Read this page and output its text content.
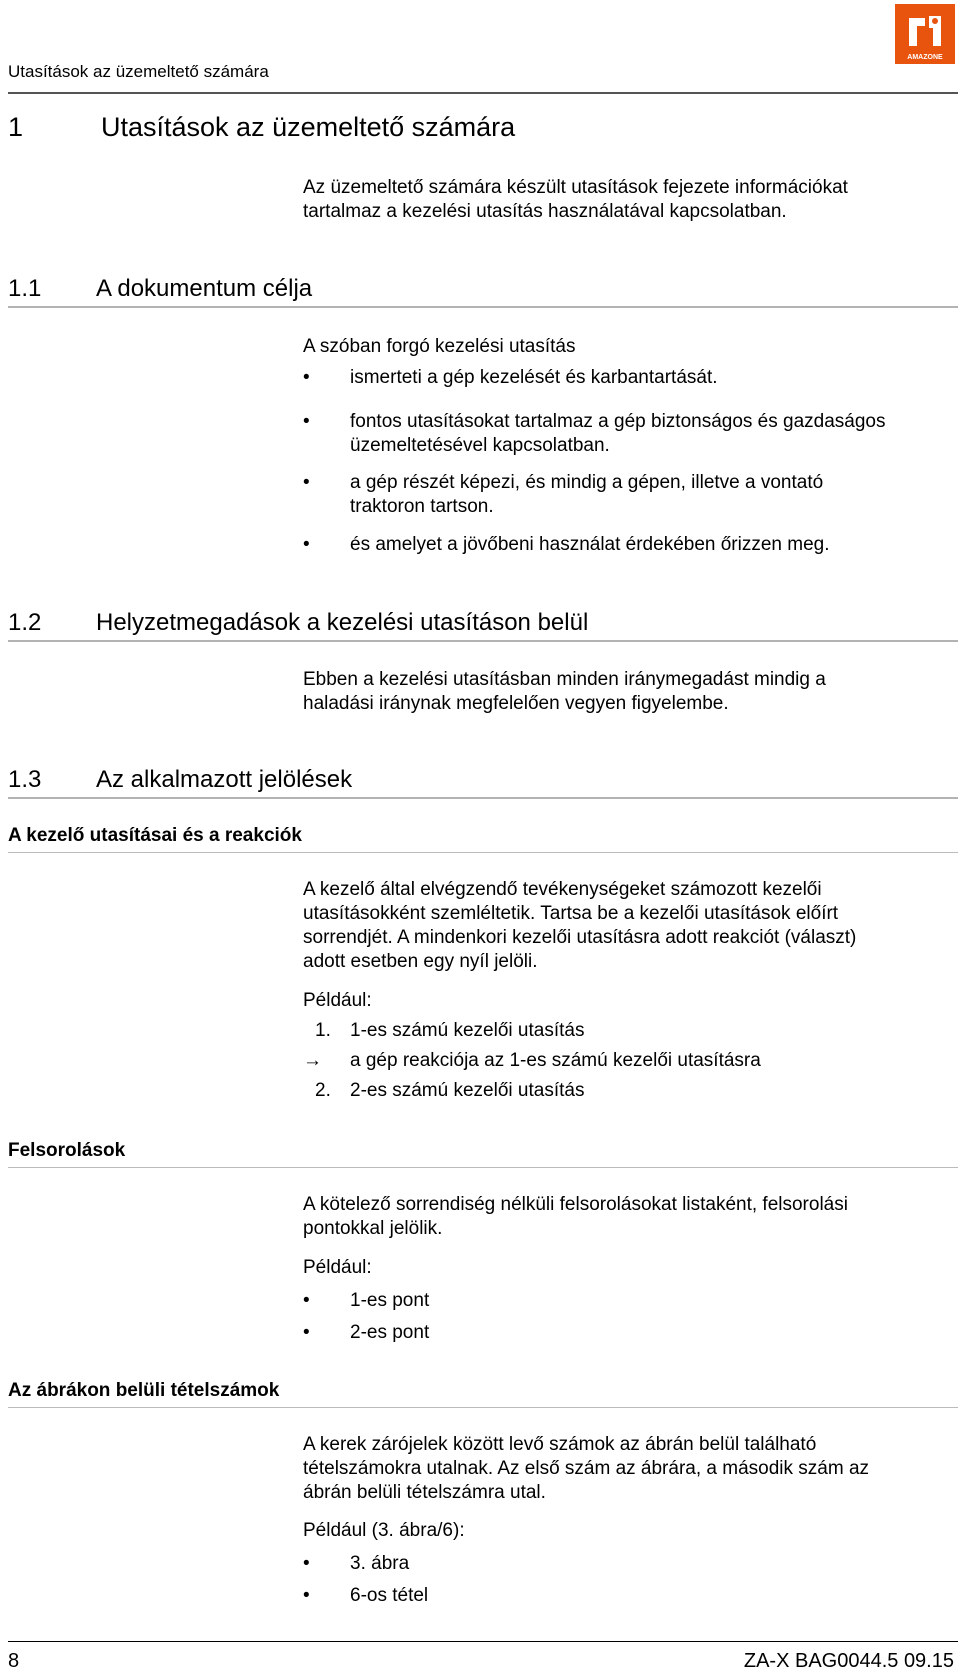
Utasítások az üzemeltető számára
AMAZONE
1	Utasítások az üzemeltető számára
Az üzemeltető számára készült utasítások fejezete információkat
tartalmaz a kezelési utasítás használatával kapcsolatban.
1.1 A dokumentum célja
A szóban forgó kezelési utasítás
• ismerteti a gép kezelését és karbantartását.
• fontos utasításokat tartalmaz a gép biztonságos és gazdaságos
üzemeltetésével kapcsolatban.
• a gép részét képezi, és mindig a gépen, illetve a vontató
traktoron tartson.
• és amelyet a jövőbeni használat érdekében őrizzen meg.
1.2 Helyzetmegadások a kezelési utasításon belül
Ebben a kezelési utasításban minden iránymegadást mindig a
haladási iránynak megfelelően vegyen figyelembe.
1.3 Az alkalmazott jelölések
A kezelő utasításai és a reakciók
A kezelő által elvégzendő tevékenységeket számozott kezelői
utasításokként szemléltetik. Tartsa be a kezelői utasítások előírt
sorrendjét. A mindenkori kezelői utasításra adott reakciót (választ)
adott esetben egy nyíl jelöli.
Például:
1. 1-es számú kezelői utasítás
→ a gép reakciója az 1-es számú kezelői utasításra
2. 2-es számú kezelői utasítás
Felsorolások
A kötelező sorrendiség nélküli felsorolásokat listaként, felsorolási
pontokkal jelölik.
Például:
• 1-es pont
• 2-es pont
Az ábrákon belüli tételszámok
A kerek zárójelek között levő számok az ábrán belül található
tételszámokra utalnak. Az első szám az ábrára, a második szám az
ábrán belüli tételszámra utal.
Például (3. ábra/6):
• 3. ábra
• 6-os tétel
8	ZA-X BAG0044.5 09.15
